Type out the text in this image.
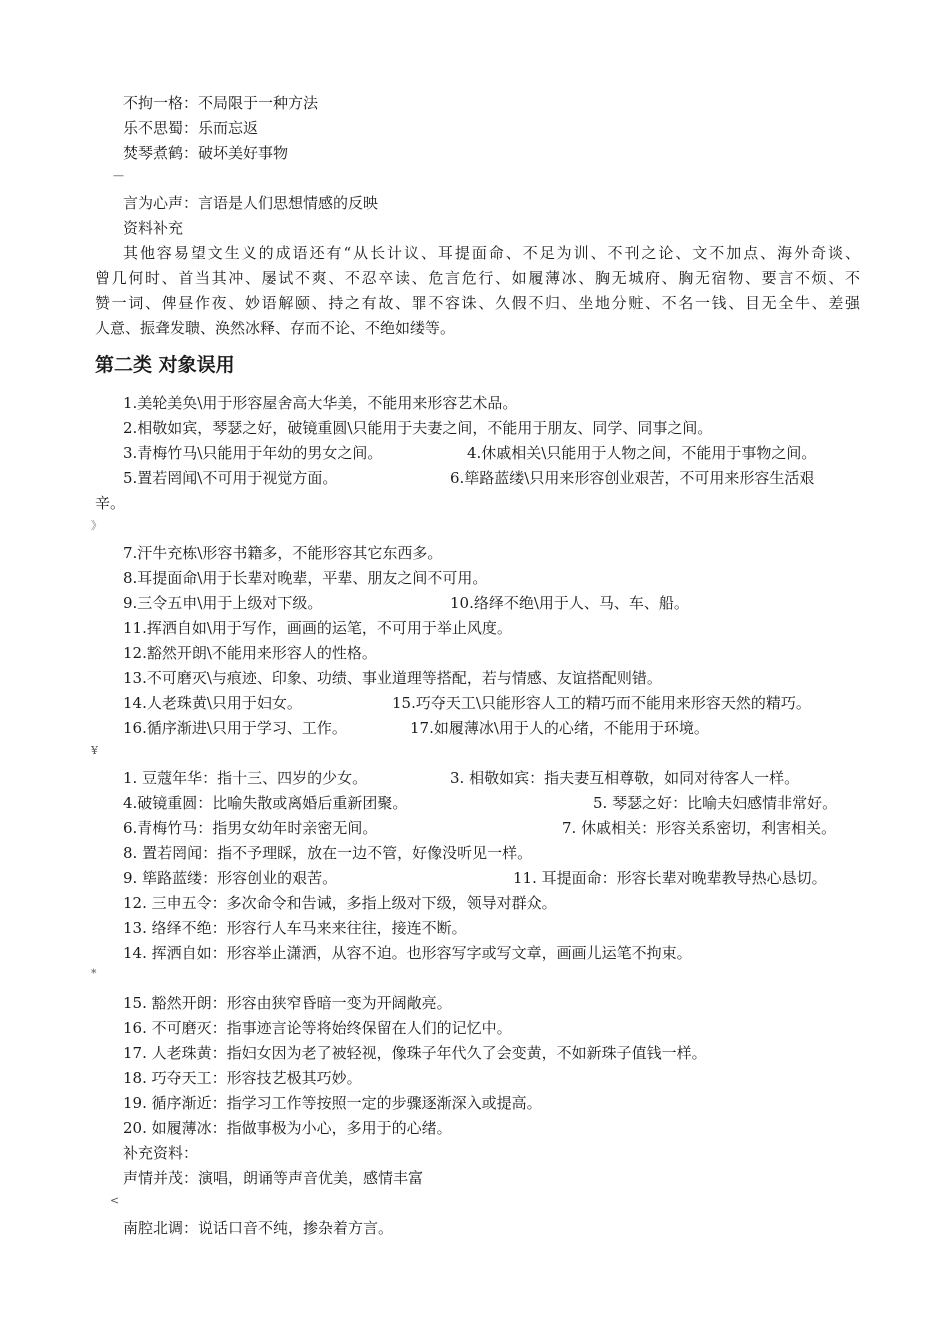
不拘一格：不局限于一种方法
乐不思蜀：乐而忘返
焚琴煮鹤：破坏美好事物
—
言为心声：言语是人们思想情感的反映
资料补充
其他容易望文生义的成语还有“从长计议、耳提面命、不足为训、不刊之论、文不加点、海外奇谈、
曾几何时、首当其冲、屡试不爽、不忍卒读、危言危行、如履薄冰、胸无城府、胸无宿物、要言不烦、不
赞一词、俾昼作夜、妙语解颐、持之有故、罪不容诛、久假不归、坐地分赃、不名一钱、目无全牛、差强
人意、振聋发聩、涣然冰释、存而不论、不绝如缕等。
第二类 对象误用
1.美轮美奂\用于形容屋舍高大华美，不能用来形容艺术品。
2.相敬如宾，琴瑟之好，破镜重圆\只能用于夫妻之间，不能用于朋友、同学、同事之间。
3.青梅竹马\只能用于年幼的男女之间。	4.休戚相关\只能用于人物之间，不能用于事物之间。
5.置若罔闻\不可用于视觉方面。	6.筚路蓝缕\只用来形容创业艰苦，不可用来形容生活艰
辛。
》
7.汗牛充栋\形容书籍多，不能形容其它东西多。
8.耳提面命\用于长辈对晚辈，平辈、朋友之间不可用。
9.三令五申\用于上级对下级。	10.络绎不绝\用于人、马、车、船。
11.挥洒自如\用于写作，画画的运笔，不可用于举止风度。
12.豁然开朗\不能用来形容人的性格。
13.不可磨灭\与痕迹、印象、功绩、事业道理等搭配，若与情感、友谊搭配则错。
14.人老珠黄\只用于妇女。	15.巧夺天工\只能形容人工的精巧而不能用来形容天然的精巧。
16.循序渐进\只用于学习、工作。	17.如履薄冰\用于人的心绪，不能用于环境。
¥
1. 豆蔻年华：指十三、四岁的少女。	3. 相敬如宾：指夫妻互相尊敬，如同对待客人一样。
4.破镜重圆：比喻失散或离婚后重新团聚。	5. 琴瑟之好：比喻夫妇感情非常好。
6.青梅竹马：指男女幼年时亲密无间。	7. 休戚相关：形容关系密切，利害相关。
8. 置若罔闻：指不予理睬，放在一边不管，好像没听见一样。
9. 筚路蓝缕：形容创业的艰苦。	11. 耳提面命：形容长辈对晚辈教导热心恳切。
12. 三申五令：多次命令和告诫，多指上级对下级，领导对群众。
13. 络绎不绝：形容行人车马来来往往，接连不断。
14. 挥洒自如：形容举止潇洒，从容不迫。也形容写字或写文章，画画儿运笔不拘束。
*
15. 豁然开朗：形容由狭窄昏暗一变为开阔敞亮。
16. 不可磨灭：指事迹言论等将始终保留在人们的记忆中。
17. 人老珠黄：指妇女因为老了被轻视，像珠子年代久了会变黄，不如新珠子值钱一样。
18. 巧夺天工：形容技艺极其巧妙。
19. 循序渐近：指学习工作等按照一定的步骤逐渐深入或提高。
20. 如履薄冰：指做事极为小心，多用于的心绪。
补充资料：
声情并茂：演唱，朗诵等声音优美，感情丰富
<
南腔北调：说话口音不纯，掺杂着方言。
